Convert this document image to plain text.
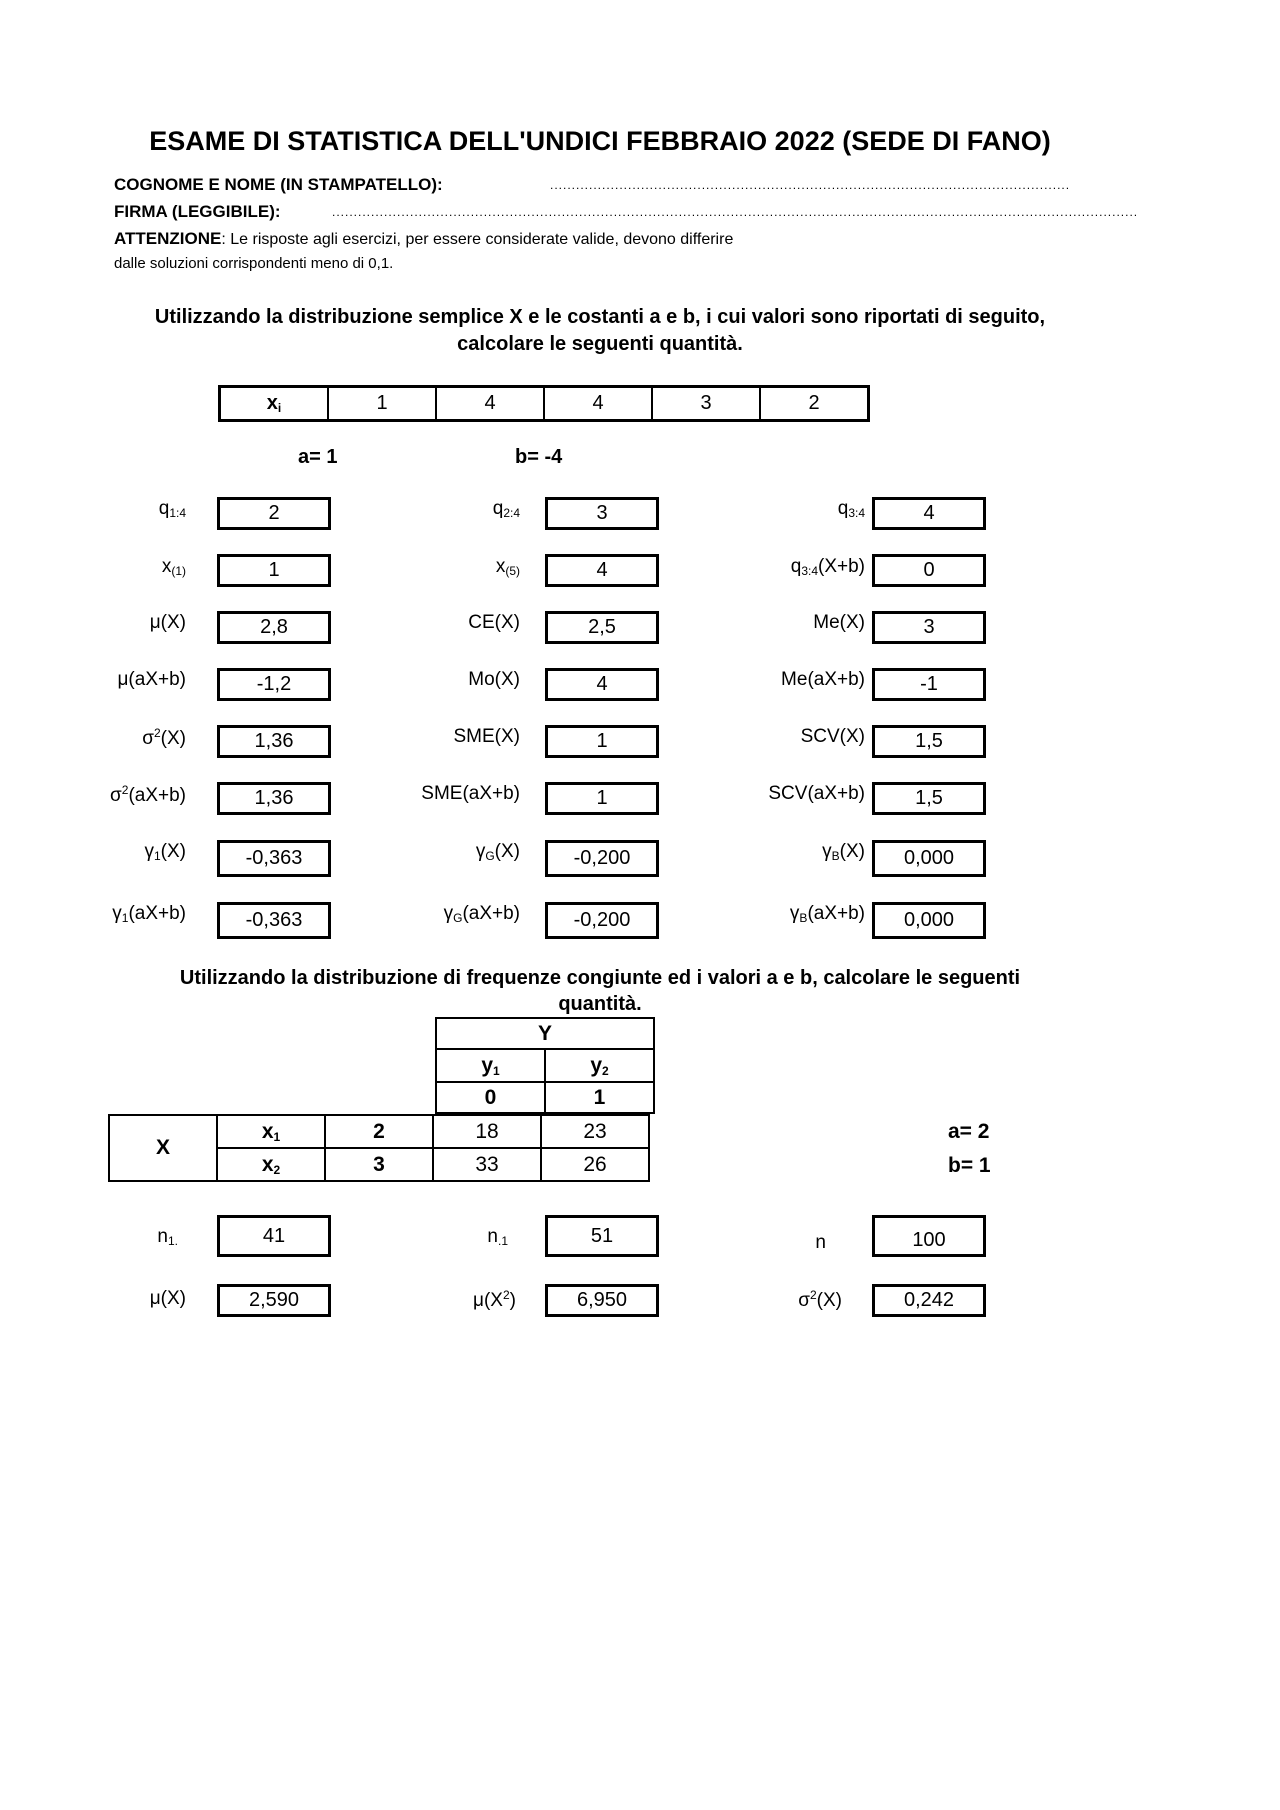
ESAME DI STATISTICA DELL'UNDICI FEBBRAIO 2022 (SEDE DI FANO)
COGNOME E NOME (IN STAMPATELLO):	........................................................................................................................
FIRMA (LEGGIBILE):	..........................................................................................................................................................................................
ATTENZIONE: Le risposte agli esercizi, per essere considerate valide, devono differire
dalle soluzioni corrispondenti meno di 0,1.
Utilizzando la distribuzione semplice X e le costanti a e b, i cui valori sono riportati di seguito,
calcolare le seguenti quantità.
$x_i$	1	4	4	3	2
a= 1	b= -4
$q_{1:4}$	2	$q_{2:4}$	3	$q_{3:4}$	4
$x_{(1)}$	1	$x_{(5)}$	4	$q_{3:4}(X+b)$	0
μ(X)	2,8	CE(X)	2,5	Me(X)	3
μ(aX+b)	-1,2	Mo(X)	4	Me(aX+b)	-1
$\sigma^2(X)$	1,36	SME(X)	1	SCV(X)	1,5
$\sigma^2(aX+b)$	1,36	SME(aX+b)	1	SCV(aX+b)	1,5
$\gamma_1(X)$	-0,363	$\gamma_G(X)$	-0,200	$\gamma_B(X)$	0,000
$\gamma_1(aX+b)$	-0,363	$\gamma_G(aX+b)$	-0,200	$\gamma_B(aX+b)$	0,000
Utilizzando la distribuzione di frequenze congiunte ed i valori a e b, calcolare le seguenti
quantità.
Y	
$y_1$	$y_2$
0	1
X	$x_1$	2	18	23
	$x_2$	3	33	26
a= 2
b= 1
$n_{1.}$	41	$n_{.1}$	51	n	100
μ(X)	2,590	$\mu(X^2)$	6,950	$\sigma^2(X)$	0,242
